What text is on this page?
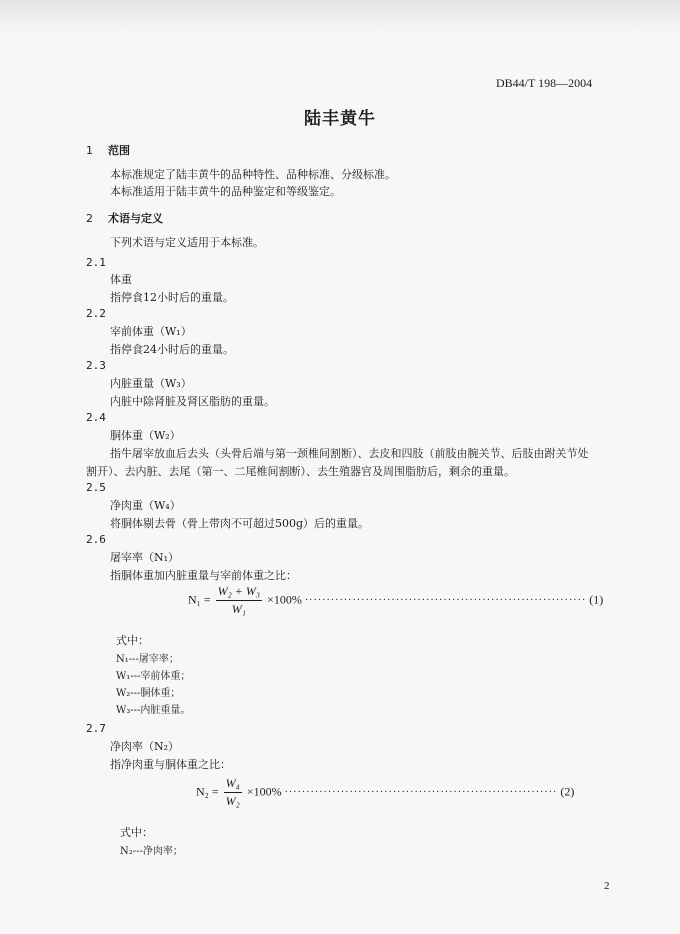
DB44/T 198—2004
陆丰黄牛
1 范围
本标准规定了陆丰黄牛的品种特性、品种标准、分级标准。
本标准适用于陆丰黄牛的品种鉴定和等级鉴定。
2 术语与定义
下列术语与定义适用于本标准。
2.1
体重
指停食12小时后的重量。
2.2
宰前体重（W₁）
指停食24小时后的重量。
2.3
内脏重量（W₃）
内脏中除肾脏及肾区脂肪的重量。
2.4
胴体重（W₂）
指牛屠宰放血后去头（头骨后端与第一颈椎间割断）、去皮和四肢（前肢由腕关节、后肢由跗关节处割开）、去内脏、去尾（第一、二尾椎间割断）、去生殖器官及周围脂肪后，剩余的重量。
2.5
净肉重（W₄）
将胴体剔去骨（骨上带肉不可超过500g）后的重量。
2.6
屠宰率（N₁）
指胴体重加内脏重量与宰前体重之比：
$N_1 = \frac{\text{W₂ + W₃}}{\text{W₁}} \times 100\%$ ································································· (1)
式中：
N₁---屠宰率；
W₁---宰前体重；
W₂---胴体重；
W₃---内脏重量。
2.7
净肉率（N₂）
指净肉重与胴体重之比：
$N_2 = \frac{\text{W₄}}{\text{W₂}} \times 100\%$ ······························································· (2)
式中：
N₂---净肉率；
2
